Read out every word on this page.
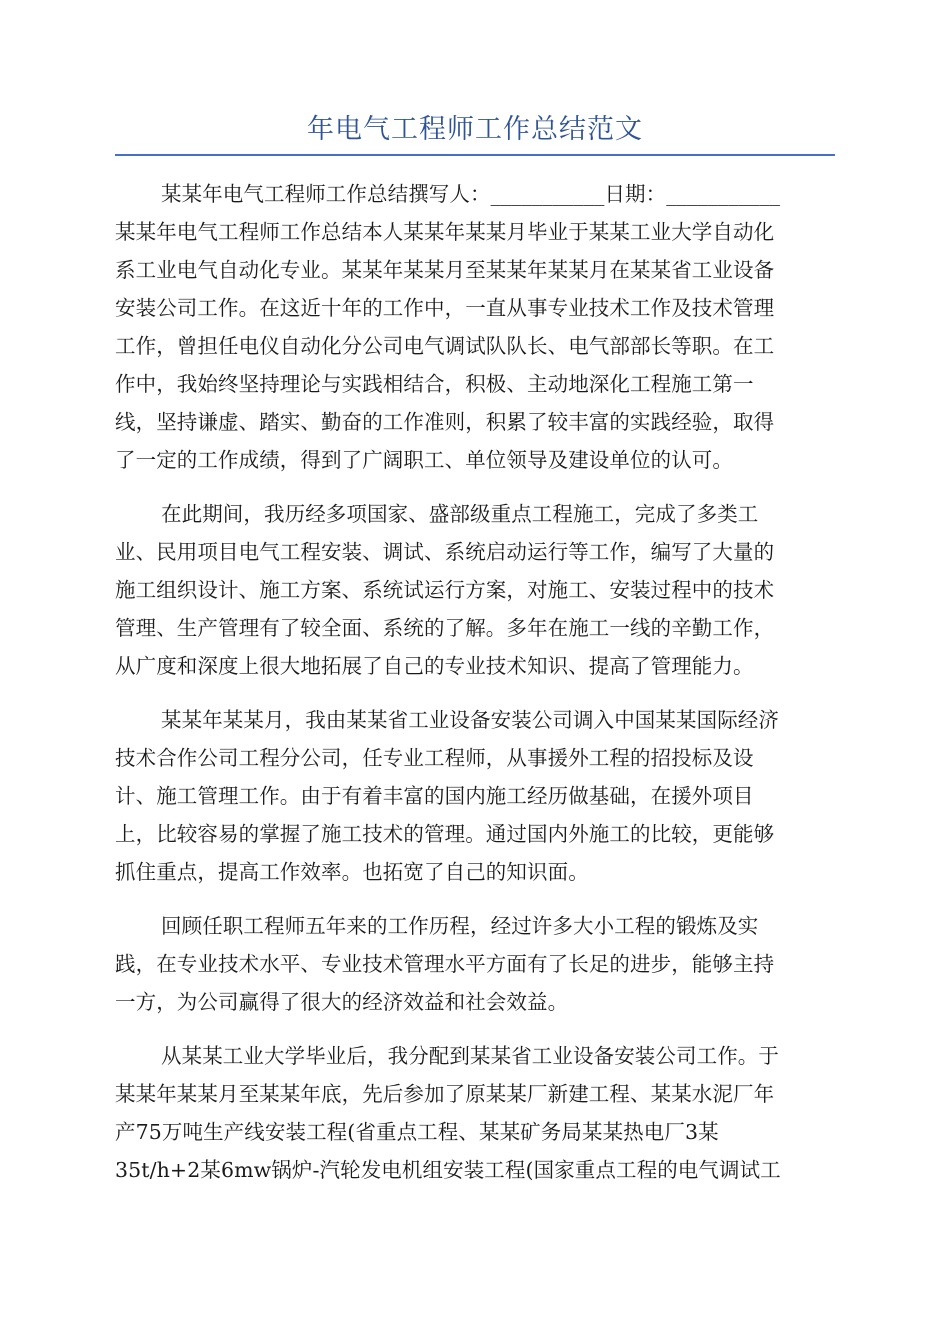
年电气工程师工作总结范文
某某年电气工程师工作总结撰写人：___________日期：___________
某某年电气工程师工作总结本人某某年某某月毕业于某某工业大学自动化
系工业电气自动化专业。某某年某某月至某某年某某月在某某省工业设备
安装公司工作。在这近十年的工作中，一直从事专业技术工作及技术管理
工作，曾担任电仪自动化分公司电气调试队队长、电气部部长等职。在工
作中，我始终坚持理论与实践相结合，积极、主动地深化工程施工第一
线，坚持谦虚、踏实、勤奋的工作准则，积累了较丰富的实践经验，取得
了一定的工作成绩，得到了广阔职工、单位领导及建设单位的认可。
在此期间，我历经多项国家、盛部级重点工程施工，完成了多类工
业、民用项目电气工程安装、调试、系统启动运行等工作，编写了大量的
施工组织设计、施工方案、系统试运行方案，对施工、安装过程中的技术
管理、生产管理有了较全面、系统的了解。多年在施工一线的辛勤工作，
从广度和深度上很大地拓展了自己的专业技术知识、提高了管理能力。
某某年某某月，我由某某省工业设备安装公司调入中国某某国际经济
技术合作公司工程分公司，任专业工程师，从事援外工程的招投标及设
计、施工管理工作。由于有着丰富的国内施工经历做基础，在援外项目
上，比较容易的掌握了施工技术的管理。通过国内外施工的比较，更能够
抓住重点，提高工作效率。也拓宽了自己的知识面。
回顾任职工程师五年来的工作历程，经过许多大小工程的锻炼及实
践，在专业技术水平、专业技术管理水平方面有了长足的进步，能够主持
一方，为公司赢得了很大的经济效益和社会效益。
从某某工业大学毕业后，我分配到某某省工业设备安装公司工作。于
某某年某某月至某某年底，先后参加了原某某厂新建工程、某某水泥厂年
产75万吨生产线安装工程(省重点工程、某某矿务局某某热电厂3某
35t/h+2某6mw锅炉-汽轮发电机组安装工程(国家重点工程的电气调试工
